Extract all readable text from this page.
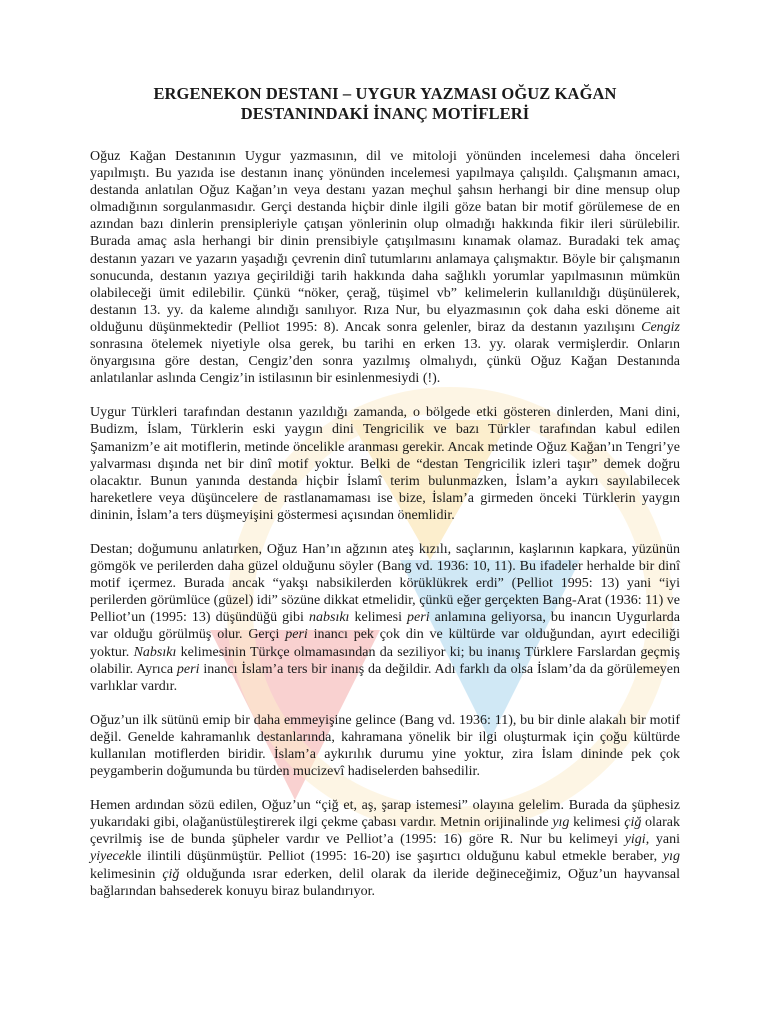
ERGENEKON DESTANI – UYGUR YAZMASI OĞUZ KAĞAN
DESTANINDAKİ İNANÇ MOTİFLERİ

Oğuz Kağan Destanının Uygur yazmasının, dil ve mitoloji yönünden incelemesi daha önceleri yapılmıştı. Bu yazıda ise destanın inanç yönünden incelemesi yapılmaya çalışıldı. Çalışmanın amacı, destanda anlatılan Oğuz Kağan’ın veya destanı yazan meçhul şahsın herhangi bir dine mensup olup olmadığının sorgulanmasıdır. Gerçi destanda hiçbir dinle ilgili göze batan bir motif görülemese de en azından bazı dinlerin prensipleriyle çatışan yönlerinin olup olmadığı hakkında fikir ileri sürülebilir. Burada amaç asla herhangi bir dinin prensibiyle çatışılmasını kınamak olamaz. Buradaki tek amaç destanın yazarı ve yazarın yaşadığı çevrenin dinî tutumlarını anlamaya çalışmaktır. Böyle bir çalışmanın sonucunda, destanın yazıya geçirildiği tarih hakkında daha sağlıklı yorumlar yapılmasının mümkün olabileceği ümit edilebilir. Çünkü “nöker, çerağ, tüşimel vb” kelimelerin kullanıldığı düşünülerek, destanın 13. yy. da kaleme alındığı sanılıyor. Rıza Nur, bu elyazmasının çok daha eski döneme ait olduğunu düşünmektedir (Pelliot 1995: 8). Ancak sonra gelenler, biraz da destanın yazılışını Cengiz sonrasına ötelemek niyetiyle olsa gerek, bu tarihi en erken 13. yy. olarak vermişlerdir. Onların önyargısına göre destan, Cengiz’den sonra yazılmış olmalıydı, çünkü Oğuz Kağan Destanında anlatılanlar aslında Cengiz’in istilasının bir esinlenmesiydi (!).

Uygur Türkleri tarafından destanın yazıldığı zamanda, o bölgede etki gösteren dinlerden, Mani dini, Budizm, İslam, Türklerin eski yaygın dini Tengricilik ve bazı Türkler tarafından kabul edilen Şamanizm’e ait motiflerin, metinde öncelikle aranması gerekir. Ancak metinde Oğuz Kağan’ın Tengri’ye yalvarması dışında net bir dinî motif yoktur. Belki de “destan Tengricilik izleri taşır” demek doğru olacaktır. Bunun yanında destanda hiçbir İslamî terim bulunmazken, İslam’a aykırı sayılabilecek hareketlere veya düşüncelere de rastlanamaması ise bize, İslam’a girmeden önceki Türklerin yaygın dininin, İslam’a ters düşmeyişini göstermesi açısından önemlidir.

Destan; doğumunu anlatırken, Oğuz Han’ın ağzının ateş kızılı, saçlarının, kaşlarının kapkara, yüzünün gömgök ve perilerden daha güzel olduğunu söyler (Bang vd. 1936: 10, 11). Bu ifadeler herhalde bir dinî motif içermez. Burada ancak “yakşı nabsikilerden körüklükrek erdi” (Pelliot 1995: 13) yani “iyi perilerden görümlüce (güzel) idi” sözüne dikkat etmelidir, çünkü eğer gerçekten Bang-Arat (1936: 11) ve Pelliot’un (1995: 13) düşündüğü gibi nabsıkı kelimesi peri anlamına geliyorsa, bu inancın Uygurlarda var olduğu görülmüş olur. Gerçi peri inancı pek çok din ve kültürde var olduğundan, ayırt edeciliği yoktur. Nabsıkı kelimesinin Türkçe olmamasından da seziliyor ki; bu inanış Türklere Farslardan geçmiş olabilir. Ayrıca peri inancı İslam’a ters bir inanış da değildir. Adı farklı da olsa İslam’da da görülemeyen varlıklar vardır.

Oğuz’un ilk sütünü emip bir daha emmeyişine gelince (Bang vd. 1936: 11), bu bir dinle alakalı bir motif değil. Genelde kahramanlık destanlarında, kahramana yönelik bir ilgi oluşturmak için çoğu kültürde kullanılan motiflerden biridir. İslam’a aykırılık durumu yine yoktur, zira İslam dininde pek çok peygamberin doğumunda bu türden mucizevî hadiselerden bahsedilir.

Hemen ardından sözü edilen, Oğuz’un “çiğ et, aş, şarap istemesi” olayına gelelim. Burada da şüphesiz yukarıdaki gibi, olağanüstüleştirerek ilgi çekme çabası vardır. Metnin orijinalinde yıg kelimesi çiğ olarak çevrilmiş ise de bunda şüpheler vardır ve Pelliot’a (1995: 16) göre R. Nur bu kelimeyi yigi, yani yiyecekle ilintili düşünmüştür. Pelliot (1995: 16-20) ise şaşırtıcı olduğunu kabul etmekle beraber, yıg kelimesinin çiğ olduğunda ısrar ederken, delil olarak da ileride değineceğimiz, Oğuz’un hayvansal bağlarından bahsederek konuyu biraz bulandırıyor.
